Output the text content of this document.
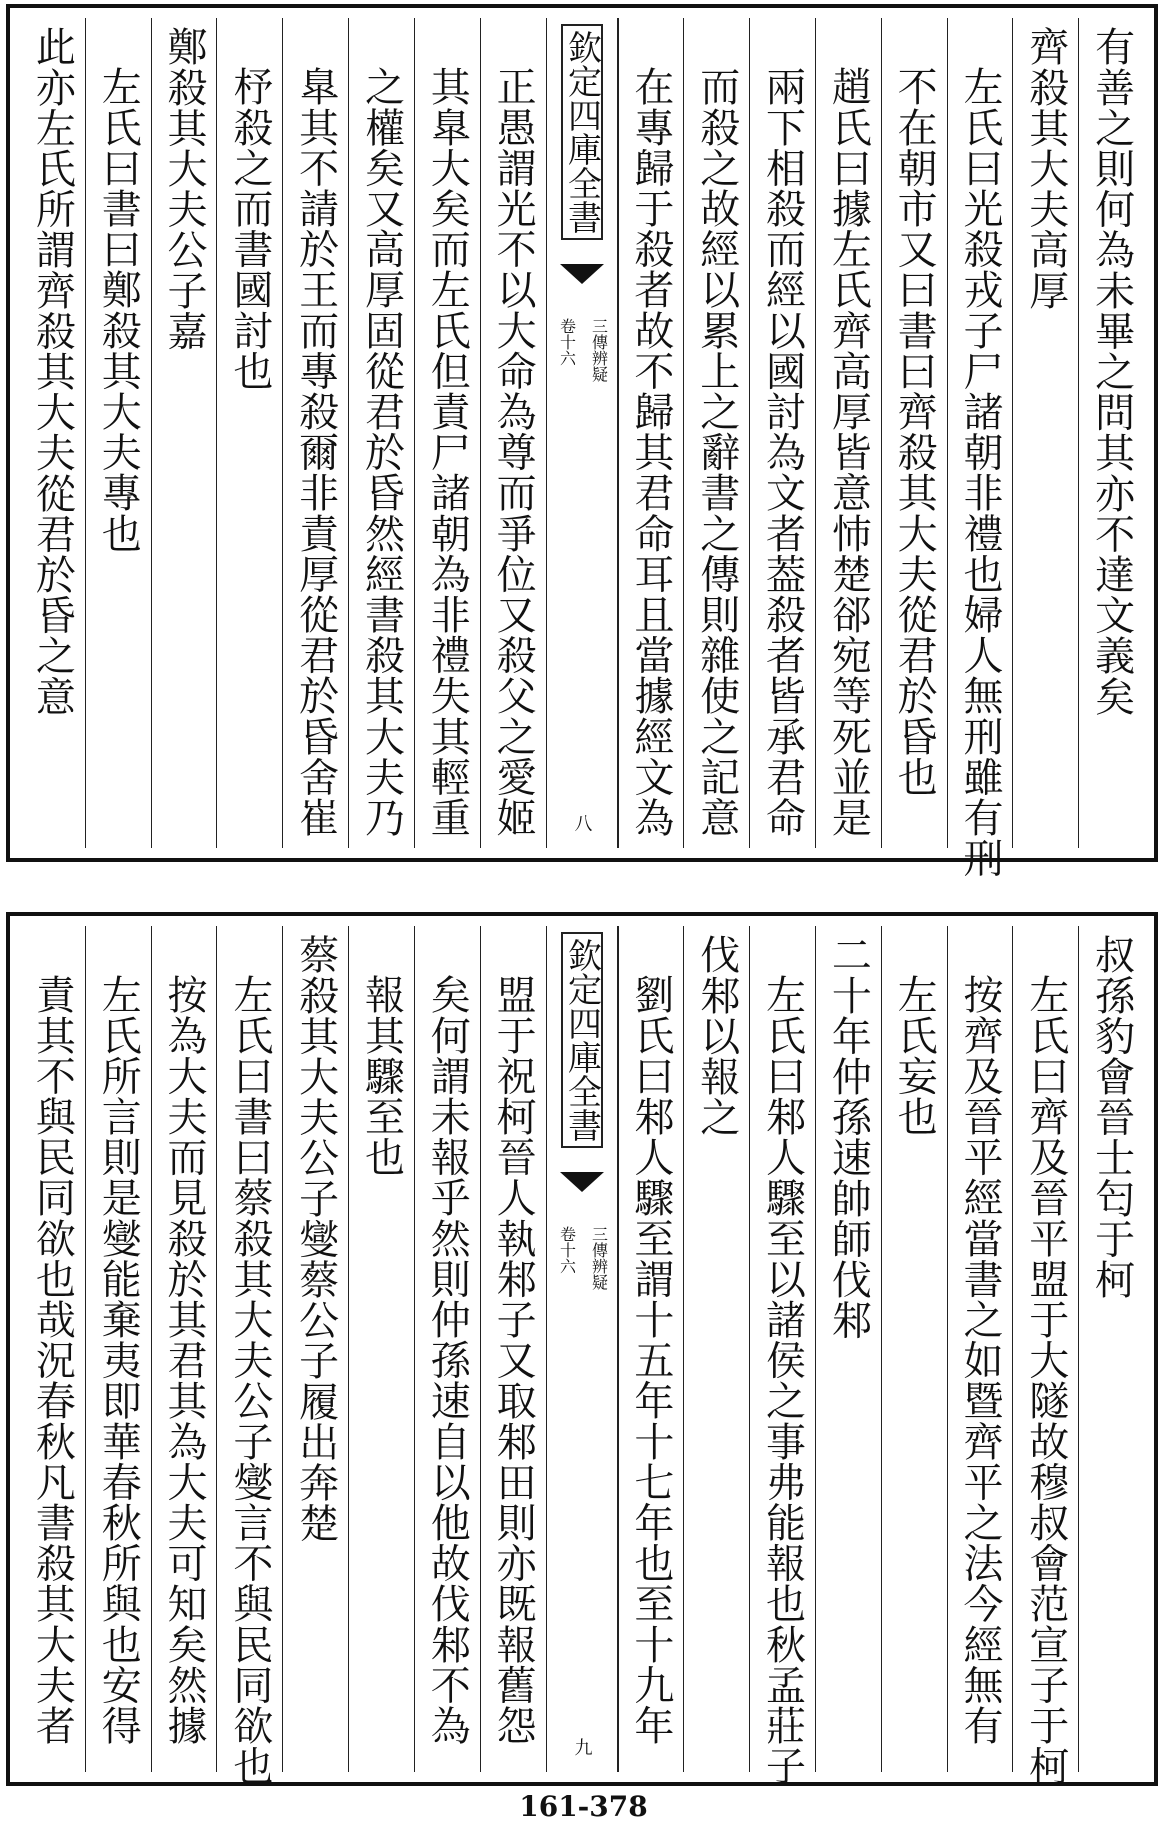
有善之則何為未畢之問其亦不達文義矣
齊殺其大夫高厚
左氏曰光殺戎子尸諸朝非禮也婦人無刑雖有刑
不在朝市又曰書曰齊殺其大夫從君於昏也
趙氏曰據左氏齊高厚皆意㤄楚郤宛等死並是
兩下相殺而經以國討為文者葢殺者皆承君命
而殺之故經以累上之辭書之傳則雜使之記意
在專歸于殺者故不歸其君命耳且當據經文為
欽定四庫全書
三傳辨疑
卷十六
八
正愚謂光不以大命為尊而爭位又殺父之愛姬
其臯大矣而左氏但責尸諸朝為非禮失其輕重
之權矣又高厚固從君於昏然經書殺其大夫乃
臯其不請於王而專殺爾非責厚從君於昏舍崔
杼殺之而書國討也
鄭殺其大夫公子嘉
左氏曰書曰鄭殺其大夫專也
此亦左氏所謂齊殺其大夫從君於昏之意
叔孫豹會晉士匄于柯
左氏曰齊及晉平盟于大隧故穆叔會范宣子于柯
按齊及晉平經當書之如暨齊平之法今經無有
左氏妄也
二十年仲孫速帥師伐邾
左氏曰邾人驟至以諸侯之事弗能報也秋孟莊子
伐邾以報之
劉氏曰邾人驟至謂十五年十七年也至十九年
欽定四庫全書
三傳辨疑
卷十六
九
盟于祝柯晉人執邾子又取邾田則亦既報舊怨
矣何謂未報乎然則仲孫速自以他故伐邾不為
報其驟至也
蔡殺其大夫公子燮蔡公子履出奔楚
左氏曰書曰蔡殺其大夫公子燮言不與民同欲也
按為大夫而見殺於其君其為大夫可知矣然據
左氏所言則是燮能棄夷即華春秋所與也安得
責其不與民同欲也哉況春秋凡書殺其大夫者
161-378
